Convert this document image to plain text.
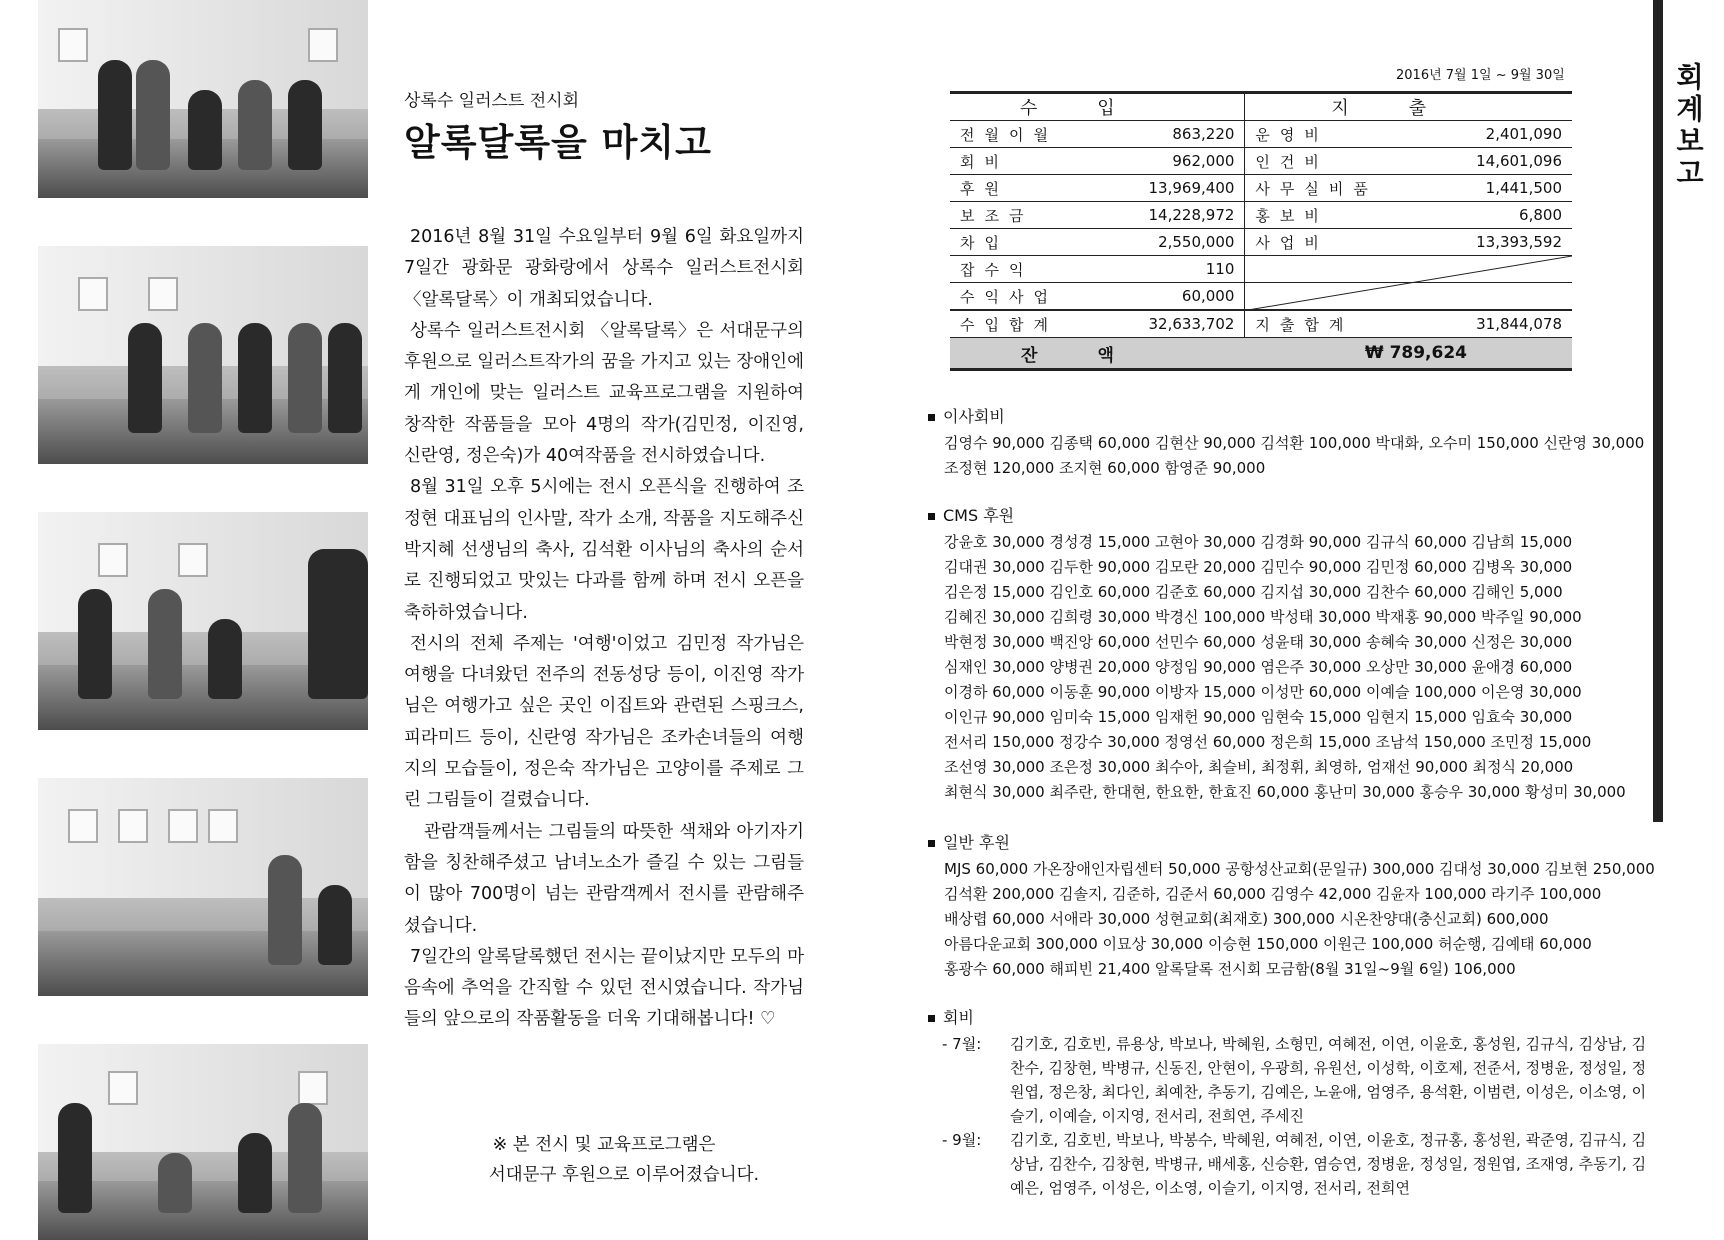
상록수 일러스트 전시회
알록달록을 마치고

2016년 8월 31일 수요일부터 9월 6일 화요일까지 7일간 광화문 광화랑에서 상록수 일러스트전시회 〈알록달록〉이 개최되었습니다.

상록수 일러스트전시회 〈알록달록〉은 서대문구의 후원으로 일러스트작가의 꿈을 가지고 있는 장애인에게 개인에 맞는 일러스트 교육프로그램을 지원하여 창작한 작품들을 모아 4명의 작가(김민정, 이진영, 신란영, 정은숙)가 40여작품을 전시하였습니다.

8월 31일 오후 5시에는 전시 오픈식을 진행하여 조정현 대표님의 인사말, 작가 소개, 작품을 지도해주신 박지혜 선생님의 축사, 김석환 이사님의 축사의 순서로 진행되었고 맛있는 다과를 함께 하며 전시 오픈을 축하하였습니다.

전시의 전체 주제는 '여행'이었고 김민정 작가님은 여행을 다녀왔던 전주의 전동성당 등이, 이진영 작가님은 여행가고 싶은 곳인 이집트와 관련된 스핑크스, 피라미드 등이, 신란영 작가님은 조카손녀들의 여행지의 모습들이, 정은숙 작가님은 고양이를 주제로 그린 그림들이 걸렸습니다.

관람객들께서는 그림들의 따뜻한 색채와 아기자기함을 칭찬해주셨고 남녀노소가 즐길 수 있는 그림들이 많아 700명이 넘는 관람객께서 전시를 관람해주셨습니다.

7일간의 알록달록했던 전시는 끝이났지만 모두의 마음속에 추억을 간직할 수 있던 전시였습니다. 작가님들의 앞으로의 작품활동을 더욱 기대해봅니다! ♡

※ 본 전시 및 교육프로그램은
서대문구 후원으로 이루어졌습니다.
2016년 7월 1일 ~ 9월 30일
수입		지출	
전월이월	863,220	운영비	2,401,090
회비	962,000	인건비	14,601,096
후원	13,969,400	사무실비품	1,441,500
보조금	14,228,972	홍보비	6,800
차입	2,550,000	사업비	13,393,592
잡수익	110		
수익사업	60,000		
수입합계	32,633,702	지출합계	31,844,078
잔액		₩ 789,624	
이사회비
김영수 90,000 김종택 60,000 김현산 90,000 김석환 100,000 박대화, 오수미 150,000 신란영 30,000
조정현 120,000 조지현 60,000 함영준 90,000
CMS 후원
강윤호 30,000 경성경 15,000 고현아 30,000 김경화 90,000 김규식 60,000 김남희 15,000
김대권 30,000 김두한 90,000 김모란 20,000 김민수 90,000 김민정 60,000 김병옥 30,000
김은정 15,000 김인호 60,000 김준호 60,000 김지섭 30,000 김찬수 60,000 김해인 5,000
김혜진 30,000 김희령 30,000 박경신 100,000 박성태 30,000 박재홍 90,000 박주일 90,000
박현정 30,000 백진앙 60,000 선민수 60,000 성윤태 30,000 송혜숙 30,000 신정은 30,000
심재인 30,000 양병권 20,000 양정임 90,000 염은주 30,000 오상만 30,000 윤애경 60,000
이경하 60,000 이동훈 90,000 이방자 15,000 이성만 60,000 이예슬 100,000 이은영 30,000
이인규 90,000 임미숙 15,000 임재헌 90,000 임현숙 15,000 임현지 15,000 임효숙 30,000
전서리 150,000 정강수 30,000 정영선 60,000 정은희 15,000 조남석 150,000 조민정 15,000
조선영 30,000 조은정 30,000 최수아, 최슬비, 최정휘, 최영하, 엄재선 90,000 최정식 20,000
최현식 30,000 최주란, 한대현, 한요한, 한효진 60,000 홍난미 30,000 홍승우 30,000 황성미 30,000
일반 후원
MJS 60,000 가온장애인자립센터 50,000 공항성산교회(문일규) 300,000 김대성 30,000 김보현 250,000
김석환 200,000 김솔지, 김준하, 김준서 60,000 김영수 42,000 김윤자 100,000 라기주 100,000
배상렵 60,000 서애라 30,000 성현교회(최재호) 300,000 시온찬양대(충신교회) 600,000
아름다운교회 300,000 이묘상 30,000 이승현 150,000 이원근 100,000 허순행, 김예태 60,000
홍광수 60,000 해피빈 21,400 알록달록 전시회 모금함(8월 31일~9월 6일) 106,000
회비
- 7월:	김기호, 김호빈, 류용상, 박보나, 박혜원, 소형민, 여혜전, 이연, 이윤호, 홍성원, 김규식, 김상남, 김찬수, 김창현, 박병규, 신동진, 안현이, 우광희, 유원선, 이성학, 이호제, 전준서, 정병윤, 정성일, 정원엽, 정은창, 최다인, 최예찬, 추동기, 김예은, 노윤애, 엄영주, 용석환, 이범련, 이성은, 이소영, 이슬기, 이예슬, 이지영, 전서리, 전희연, 주세진
- 9월:	김기호, 김호빈, 박보나, 박봉수, 박혜원, 여혜전, 이연, 이윤호, 정규홍, 홍성원, 곽준영, 김규식, 김상남, 김찬수, 김창현, 박병규, 배세홍, 신승환, 염승연, 정병윤, 정성일, 정원엽, 조재영, 추동기, 김예은, 엄영주, 이성은, 이소영, 이슬기, 이지영, 전서리, 전희연
회계보고
